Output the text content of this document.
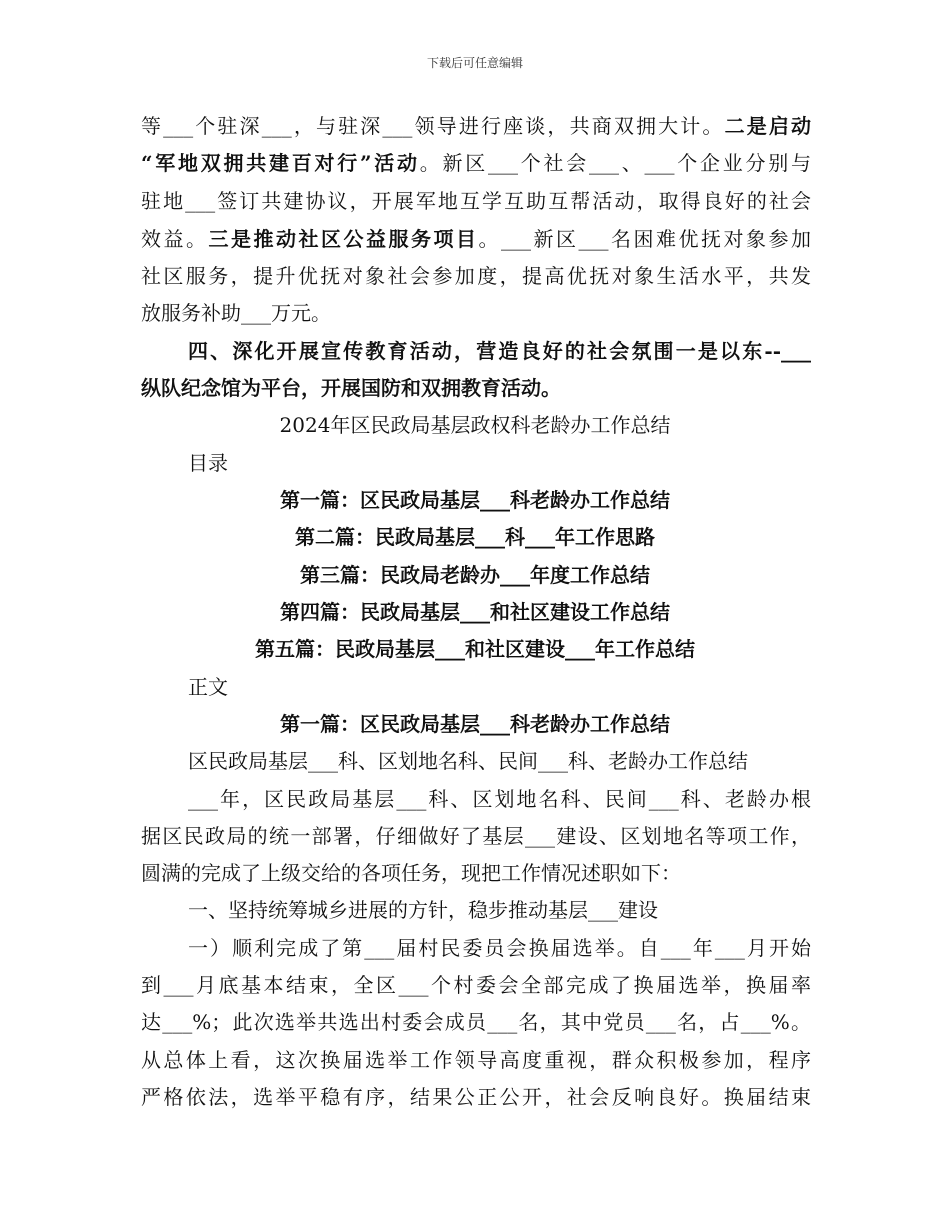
下载后可任意编辑
等___个驻深___，与驻深___领导进行座谈，共商双拥大计。二是启动
“军地双拥共建百对行”活动。新区___个社会___、___个企业分别与
驻地___签订共建协议，开展军地互学互助互帮活动，取得良好的社会
效益。三是推动社区公益服务项目。___新区___名困难优抚对象参加
社区服务，提升优抚对象社会参加度，提高优抚对象生活水平，共发
放服务补助___万元。
四、深化开展宣传教育活动，营造良好的社会氛围一是以东--___
纵队纪念馆为平台，开展国防和双拥教育活动。
2024年区民政局基层政权科老龄办工作总结
目录
第一篇：区民政局基层___科老龄办工作总结
第二篇：民政局基层___科___年工作思路
第三篇：民政局老龄办___年度工作总结
第四篇：民政局基层___和社区建设工作总结
第五篇：民政局基层___和社区建设___年工作总结
正文
第一篇：区民政局基层___科老龄办工作总结
区民政局基层___科、区划地名科、民间___科、老龄办工作总结
___年，区民政局基层___科、区划地名科、民间___科、老龄办根
据区民政局的统一部署，仔细做好了基层___建设、区划地名等项工作，
圆满的完成了上级交给的各项任务，现把工作情况述职如下：
一、坚持统筹城乡进展的方针，稳步推动基层___建设
一）顺利完成了第___届村民委员会换届选举。自___年___月开始
到___月底基本结束，全区___个村委会全部完成了换届选举，换届率
达___%；此次选举共选出村委会成员___名，其中党员___名，占___%。
从总体上看，这次换届选举工作领导高度重视，群众积极参加，程序
严格依法，选举平稳有序，结果公正公开，社会反响良好。换届结束
